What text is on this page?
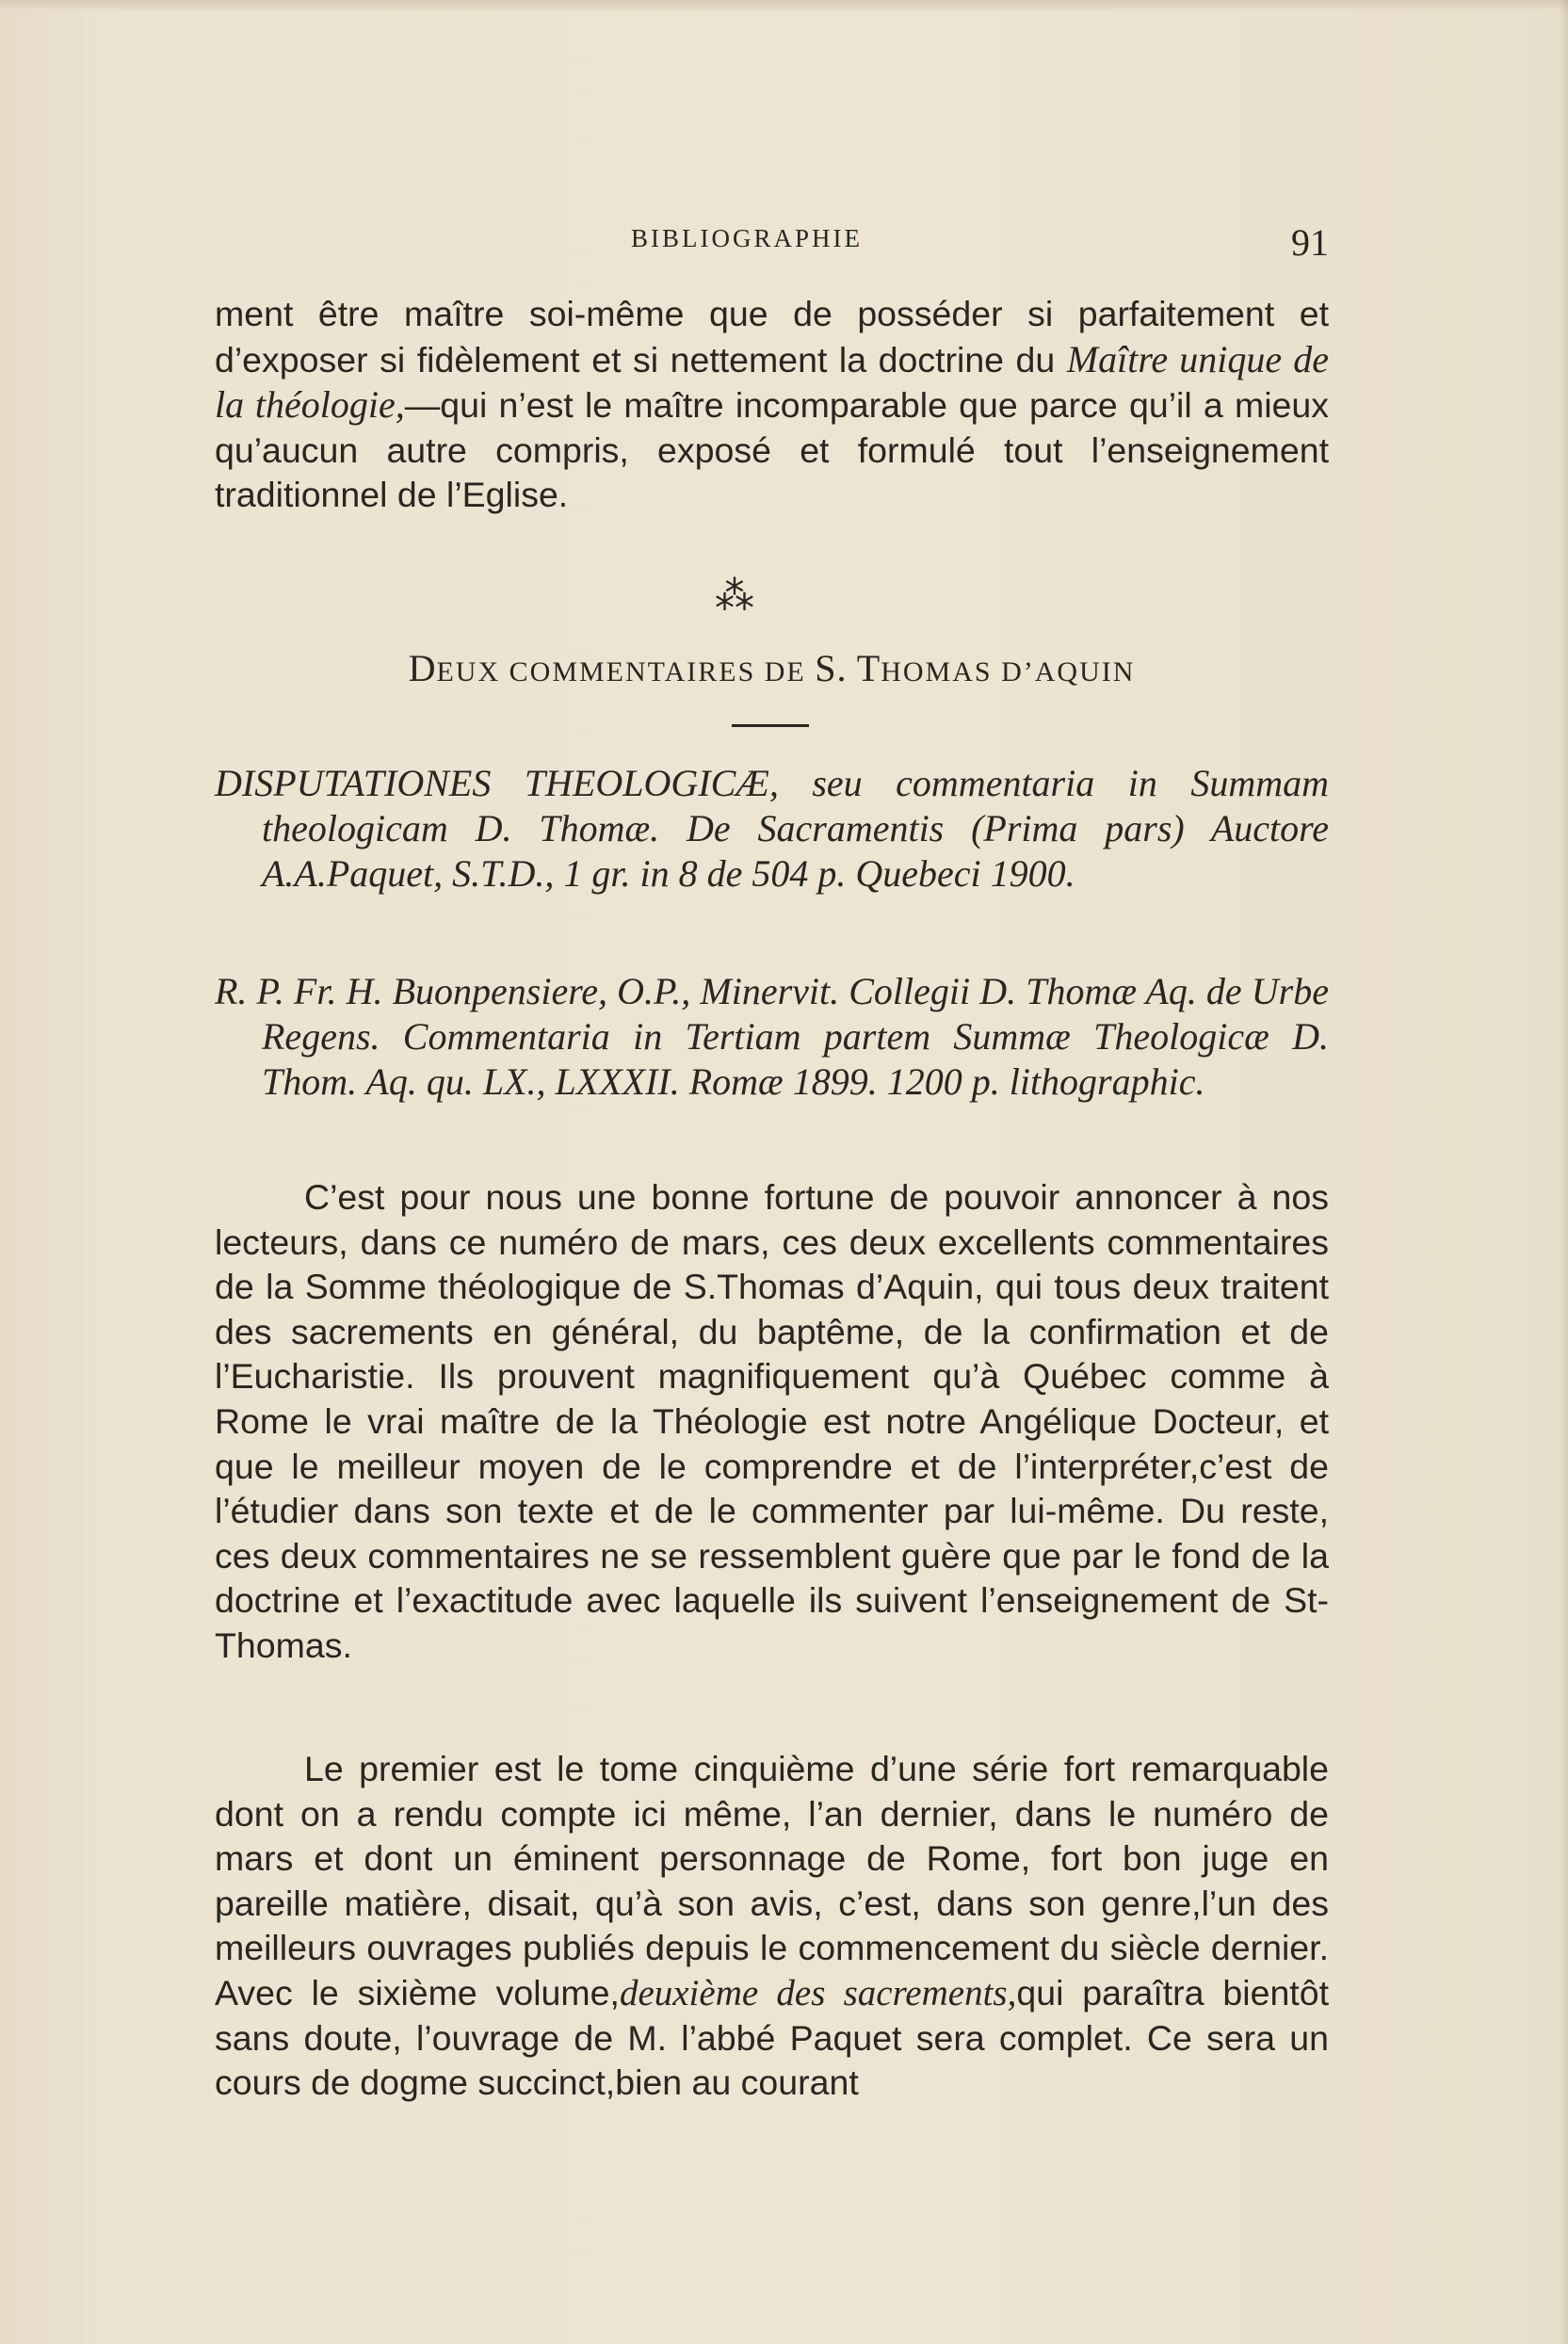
BIBLIOGRAPHIE	91
ment être maître soi-même que de posséder si parfaitement et d’exposer si fidèlement et si nettement la doctrine du Maître unique de la théologie,—qui n’est le maître incomparable que parce qu’il a mieux qu’aucun autre compris, exposé et formulé tout l’enseignement traditionnel de l’Eglise.
⁂
DEUX COMMENTAIRES DE S. THOMAS D’AQUIN
DISPUTATIONES THEOLOGICÆ, seu commentaria in Summam theologicam D. Thomæ. De Sacramentis (Prima pars) Auctore A.A.Paquet, S.T.D., 1 gr. in 8 de 504 p. Quebeci 1900.
R. P. Fr. H. Buonpensiere, O.P., Minervit. Collegii D. Thomæ Aq. de Urbe Regens. Commentaria in Tertiam partem Summæ Theologicæ D. Thom. Aq. qu. LX., LXXXII. Romæ 1899. 1200 p. lithographic.

C’est pour nous une bonne fortune de pouvoir annoncer à nos lecteurs, dans ce numéro de mars, ces deux excellents commentaires de la Somme théologique de S.Thomas d’Aquin, qui tous deux traitent des sacrements en général, du baptême, de la confirmation et de l’Eucharistie. Ils prouvent magnifiquement qu’à Québec comme à Rome le vrai maître de la Théologie est notre Angélique Docteur, et que le meilleur moyen de le comprendre et de l’interpréter,c’est de l’étudier dans son texte et de le commenter par lui-même. Du reste, ces deux commentaires ne se ressemblent guère que par le fond de la doctrine et l’exactitude avec laquelle ils suivent l’enseignement de St-Thomas.

Le premier est le tome cinquième d’une série fort remarquable dont on a rendu compte ici même, l’an dernier, dans le numéro de mars et dont un éminent personnage de Rome, fort bon juge en pareille matière, disait, qu’à son avis, c’est, dans son genre,l’un des meilleurs ouvrages publiés depuis le commencement du siècle dernier. Avec le sixième volume,deuxième des sacrements,qui paraîtra bientôt sans doute, l’ouvrage de M. l’abbé Paquet sera complet. Ce sera un cours de dogme succinct,bien au courant
